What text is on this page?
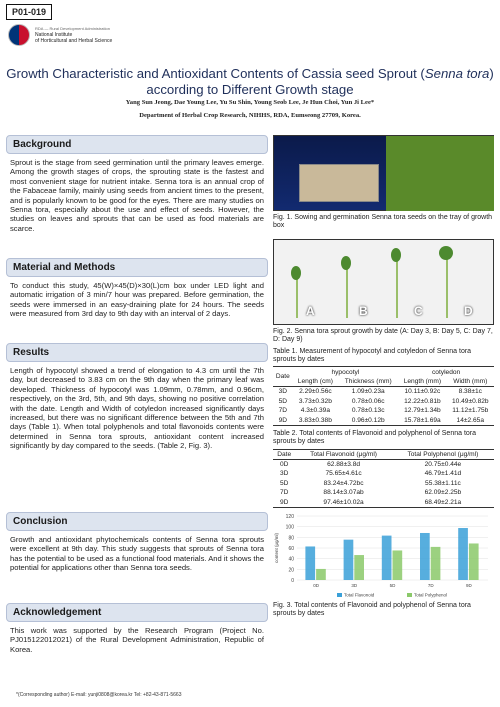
P01-019
RDA — Rural Development Administration
National Institute
of Horticultural and Herbal Science
Growth Characteristic and Antioxidant Contents of Cassia seed Sprout (Senna tora)
according to Different Growth stage
Yang Sun Jeong, Dae Young Lee, Yu Su Shin, Young Seob Lee, Je Hun Choi, Yun Ji Lee*
Department of Herbal Crop Research, NIHHS, RDA, Eumseong 27709, Korea.
Background

Sprout is the stage from seed germination until the primary leaves emerge. Among the growth stages of crops, the sprouting state is the fastest and most convenient stage for nutrient intake. Senna tora is an annual crop of the Fabaceae family, mainly using seeds from ancient times to the present, and is popularly known to be good for the eyes. There are many studies on Senna tora, especially about the use and effect of seeds. However, the studies on leaves and sprouts that can be used as food materials are scarce.

Material and Methods

To conduct this study, 45(W)×45(D)×30(L)cm box under LED light and automatic irrigation of 3 min/7 hour was prepared. Before germination, the seeds were immersed in an easy-draining plate for 24 hours. The seeds were measured from 3rd day to 9th day with an interval of 2 days.

Results

Length of hypocotyl showed a trend of elongation to 4.3 cm until the 7th day, but decreased to 3.83 cm on the 9th day when the primary leaf was developed. Thickness of hypocotyl was 1.09mm, 0.78mm, and 0.96cm, respectively, on the 3rd, 5th, and 9th days, showing no positive correlation with the date. Length and Width of cotyledon increased significantly days increased, but there was no significant difference between the 5th and 7th days (Table 1). When total polyphenols and total flavonoids contents were determined in Senna tora sprouts, antioxidant content increased significantly by day compared to the seeds. (Table 2, Fig. 3).

Conclusion

Growth and antioxidant phytochemicals contents of Senna tora sprouts were excellent at 9th day. This study suggests that sprouts of Senna tora has the potential to be used as a functional food materials. And it shows the potential for applications other than Senna tora seeds.

Acknowledgement

This work was supported by the Research Program (Project No. PJ015122012021) of the Rural Development Administration, Republic of Korea.

Fig. 1. Sowing and germination Senna tora seeds on the tray of growth box
A	B	C	D
Fig. 2. Senna tora sprout growth by date (A: Day 3, B: Day 5, C: Day 7, D: Day 9)
Table 1. Measurement of hypocotyl and cotyledon of Senna tora sprouts by dates
Date	hypocotyl		cotyledon	
	Length (cm)	Thickness (mm)	Length (mm)	Width (mm)
3D	2.29±0.56c	1.09±0.23a	10.11±0.92c	8.38±1c
5D	3.73±0.32b	0.78±0.06c	12.22±0.81b	10.49±0.82b
7D	4.3±0.39a	0.78±0.13c	12.79±1.34b	11.12±1.75b
9D	3.83±0.38b	0.96±0.12b	15.78±1.69a	14±2.65a
Table 2. Total contents of Flavonoid and polyphenol of Senna tora sprouts by dates
Date	Total Flavonoid (μg/ml)	Total Polyphenol (μg/ml)
0D	62.88±3.8d	20.75±0.44e
3D	75.65±4.61c	46.79±1.41d
5D	83.24±4.72bc	55.38±1.11c
7D	88.14±3.07ab	62.09±2.25b
9D	97.46±10.02a	68.49±2.21a
0
20
40
60
80
100
120
content (μg/ml)
0D	3D	5D	7D	9D
Total Flavonoid	Total Polyphenol
Fig. 3. Total contents of Flavonoid and polyphenol of Senna tora sprouts by dates
*(Corresponding author) E-mail: yunji0808@korea.kr Tel: +82-43-871-5663
